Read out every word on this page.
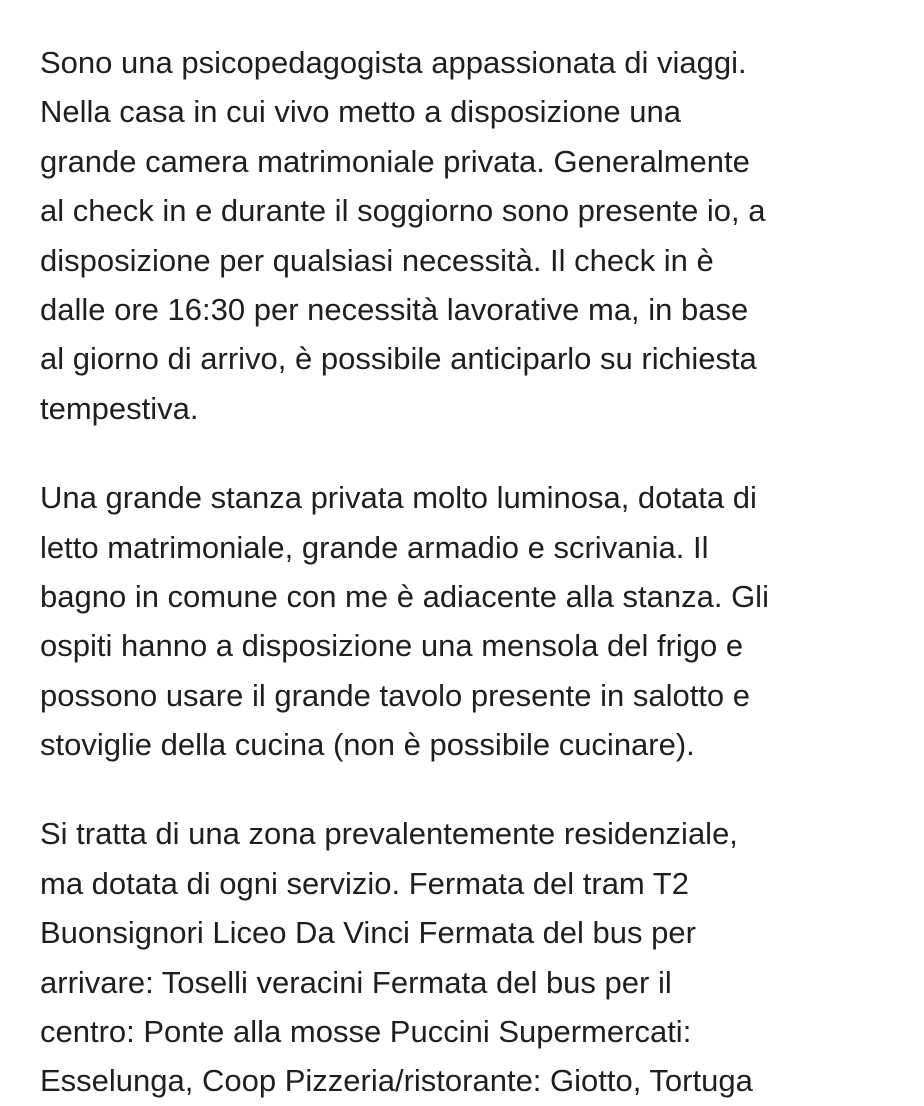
Sono una psicopedagogista appassionata di viaggi.
Nella casa in cui vivo metto a disposizione una
grande camera matrimoniale privata. Generalmente
al check in e durante il soggiorno sono presente io, a
disposizione per qualsiasi necessità. Il check in è
dalle ore 16:30 per necessità lavorative ma, in base
al giorno di arrivo, è possibile anticiparlo su richiesta
tempestiva.
Una grande stanza privata molto luminosa, dotata di
letto matrimoniale, grande armadio e scrivania. Il
bagno in comune con me è adiacente alla stanza. Gli
ospiti hanno a disposizione una mensola del frigo e
possono usare il grande tavolo presente in salotto e
stoviglie della cucina (non è possibile cucinare).
Si tratta di una zona prevalentemente residenziale,
ma dotata di ogni servizio. Fermata del tram T2
Buonsignori Liceo Da Vinci Fermata del bus per
arrivare: Toselli veracini Fermata del bus per il
centro: Ponte alla mosse Puccini Supermercati:
Esselunga, Coop Pizzeria/ristorante: Giotto, Tortuga
